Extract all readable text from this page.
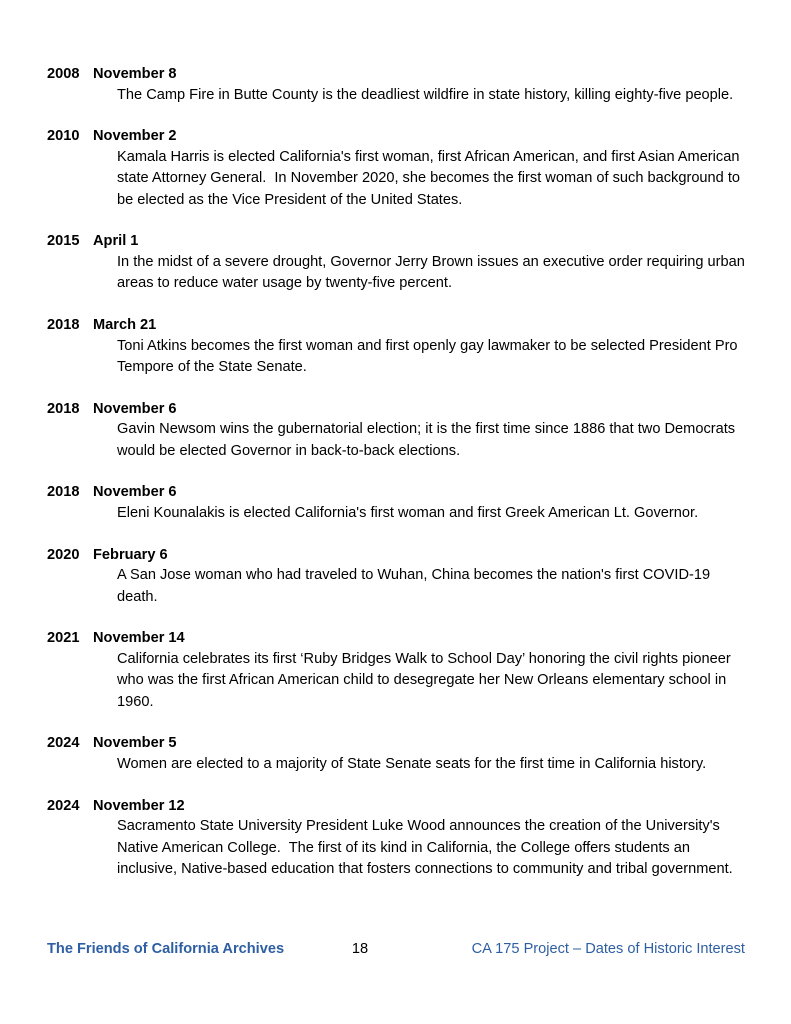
2008 November 8

The Camp Fire in Butte County is the deadliest wildfire in state history, killing eighty-five people.

2010 November 2

Kamala Harris is elected California's first woman, first African American, and first Asian American state Attorney General.  In November 2020, she becomes the first woman of such background to be elected as the Vice President of the United States.

2015 April 1

In the midst of a severe drought, Governor Jerry Brown issues an executive order requiring urban areas to reduce water usage by twenty-five percent.

2018 March 21

Toni Atkins becomes the first woman and first openly gay lawmaker to be selected President Pro Tempore of the State Senate.

2018 November 6

Gavin Newsom wins the gubernatorial election; it is the first time since 1886 that two Democrats would be elected Governor in back-to-back elections.

2018 November 6

Eleni Kounalakis is elected California's first woman and first Greek American Lt. Governor.

2020 February 6

A San Jose woman who had traveled to Wuhan, China becomes the nation's first COVID-19 death.

2021 November 14

California celebrates its first ‘Ruby Bridges Walk to School Day’ honoring the civil rights pioneer who was the first African American child to desegregate her New Orleans elementary school in 1960.

2024 November 5

Women are elected to a majority of State Senate seats for the first time in California history.

2024 November 12

Sacramento State University President Luke Wood announces the creation of the University's Native American College.  The first of its kind in California, the College offers students an inclusive, Native-based education that fosters connections to community and tribal government.

The Friends of California Archives	18	CA 175 Project – Dates of Historic Interest
